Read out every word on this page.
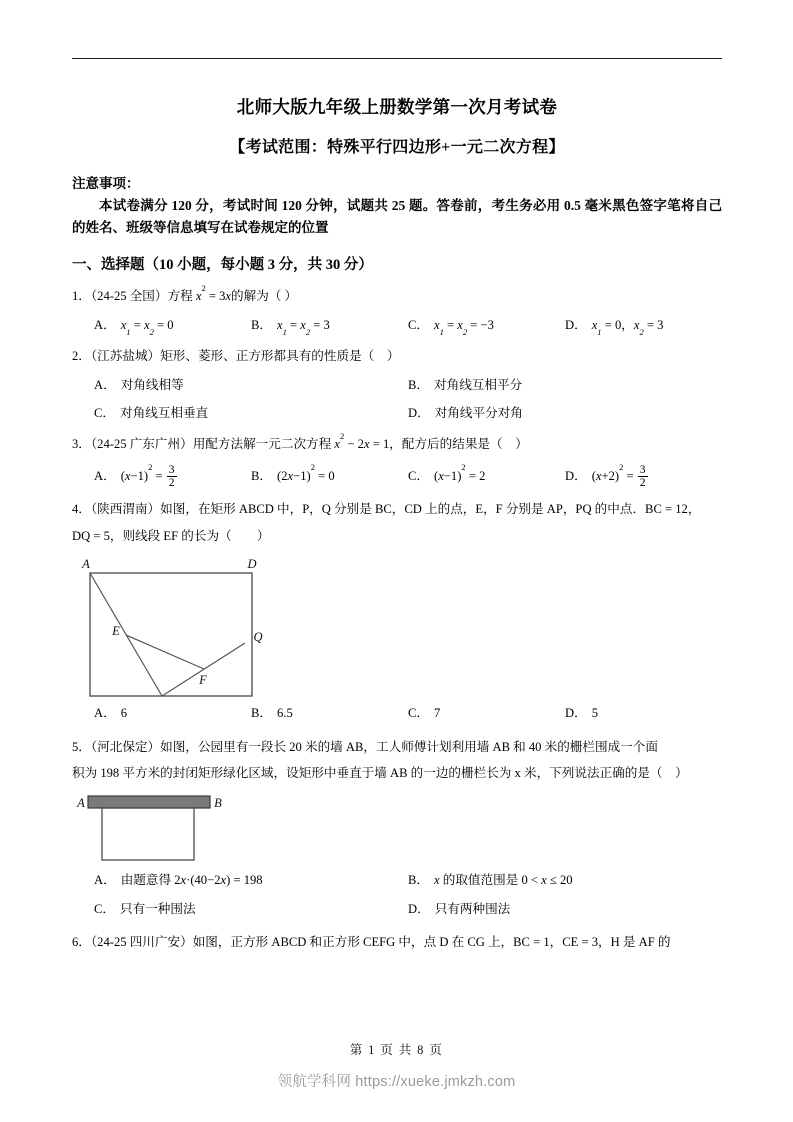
北师大版九年级上册数学第一次月考试卷
【考试范围：特殊平行四边形+一元二次方程】
注意事项：
本试卷满分 120 分，考试时间 120 分钟，试题共 25 题。答卷前，考生务必用 0.5 毫米黑色签字笔将自己的姓名、班级等信息填写在试卷规定的位置
一、选择题（10 小题，每小题 3 分，共 30 分）
1．（24-25 全国）方程 $x^2 = 3x$的解为（ ）
A． $x_1 = x_2 = 0$	B． $x_1 = x_2 = 3$	C． $x_1 = x_2 = -3$	D． $x_1 = 0$，$x_2 = 3$
2．（江苏盐城）矩形、菱形、正方形都具有的性质是（　）
A． 对角线相等	B． 对角线互相平分
C． 对角线互相垂直	D． 对角线平分对角
3．（24-25 广东广州）用配方法解一元二次方程 $x^2 - 2x = 1$，配方后的结果是（　）
A． $(x-1)^2 = \frac{3}{2}$	B． $(2x-1)^2 = 0$	C． $(x-1)^2 = 2$	D． $(x+2)^2 = \frac{3}{2}$
4．（陕西渭南）如图，在矩形 ABCD 中，P，Q 分别是 BC，CD 上的点，E，F 分别是 AP，PQ 的中点．BC = 12，
DQ = 5，则线段 EF 的长为（　　）
A	D
E
F
Q
A． 6	B． 6.5	C． 7	D． 5
5．（河北保定）如图，公园里有一段长 20 米的墙 AB，工人师傅计划利用墙 AB 和 40 米的栅栏围成一个面
积为 198 平方米的封闭矩形绿化区域，设矩形中垂直于墙 AB 的一边的栅栏长为 x 米，下列说法正确的是（　）
A	B
A． 由题意得 2x·(40−2x) = 198	B． x 的取值范围是 0 < x ≤ 20
C． 只有一种围法	D． 只有两种围法
6．（24-25 四川广安）如图，正方形 ABCD 和正方形 CEFG 中，点 D 在 CG 上，BC = 1，CE = 3，H 是 AF 的
第 1 页 共 8 页
领航学科网 https://xueke.jmkzh.com
